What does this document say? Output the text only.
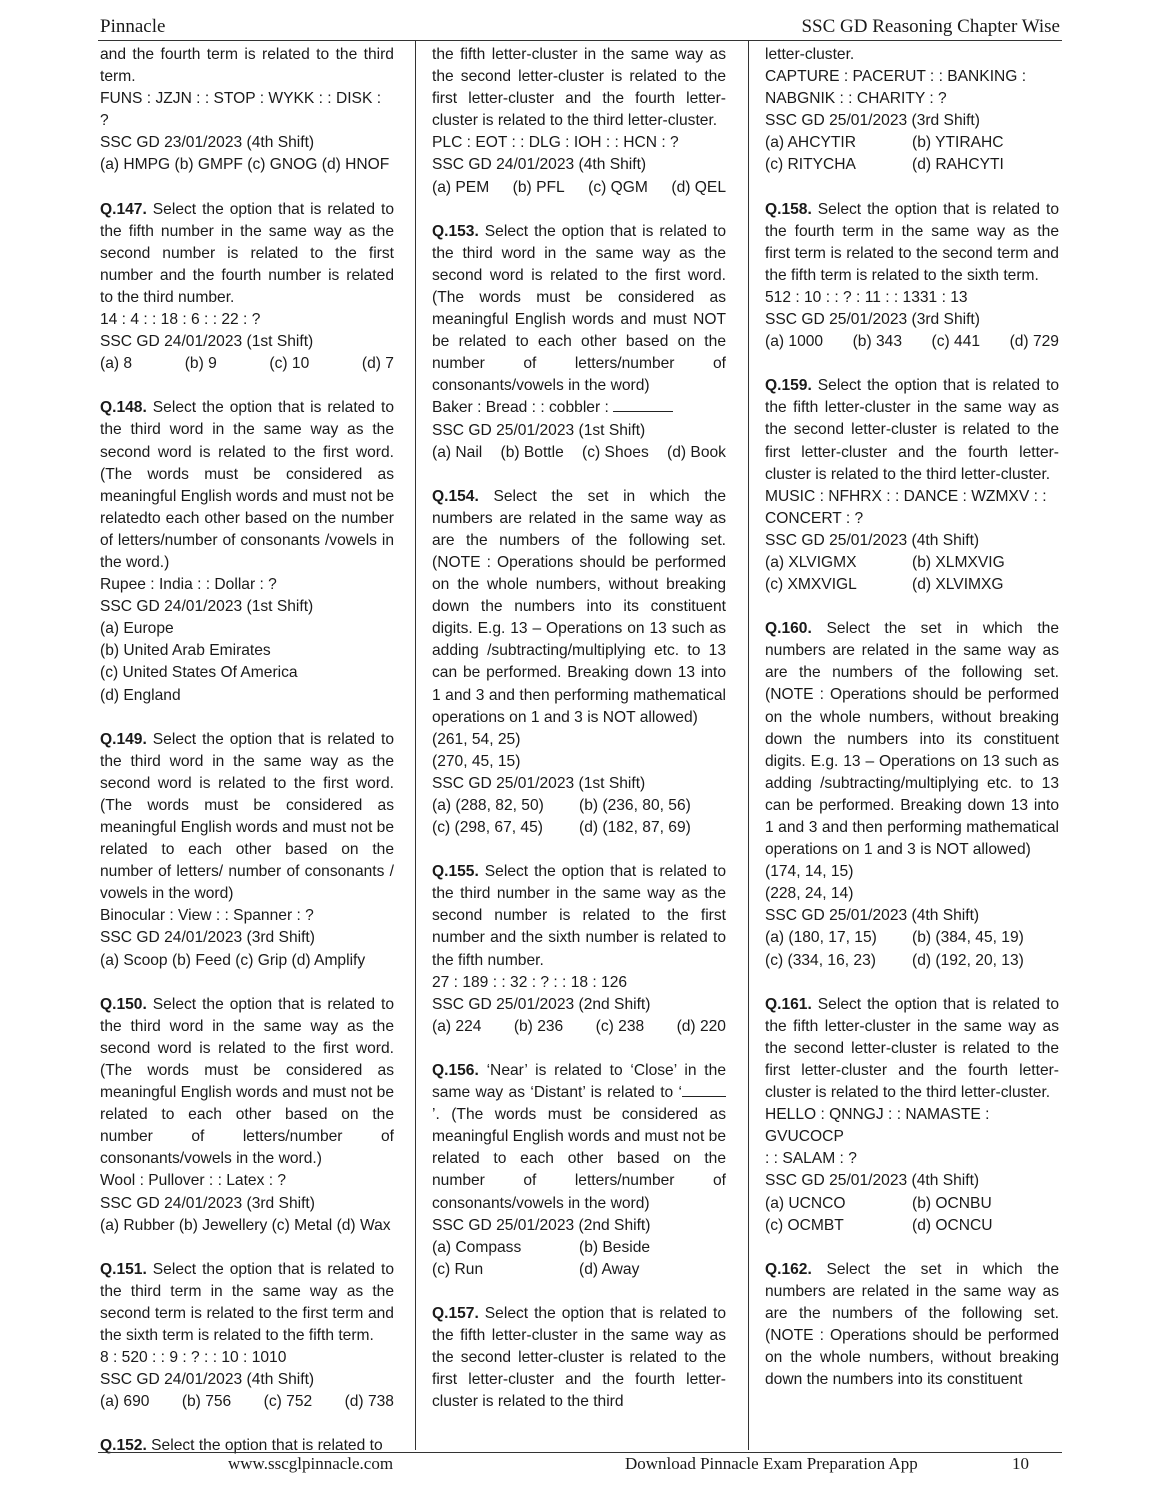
Pinnacle	SSC GD Reasoning Chapter Wise

and the fourth term is related to the third term.

FUNS : JZJN : : STOP : WYKK : : DISK : ?

SSC GD 23/01/2023 (4th Shift)

(a) HMPG (b) GMPF (c) GNOG (d) HNOF

Q.147. Select the option that is related to the fifth number in the same way as the second number is related to the first number and the fourth number is related to the third number.

14 : 4 : : 18 : 6 : : 22 : ?

SSC GD 24/01/2023 (1st Shift)

(a) 8	(b) 9	(c) 10	(d) 7

Q.148. Select the option that is related to the third word in the same way as the second word is related to the first word. (The words must be considered as meaningful English words and must not be relatedto each other based on the number of letters/number of consonants /vowels in the word.)

Rupee : India : : Dollar : ?

SSC GD 24/01/2023 (1st Shift)

(a) Europe

(b) United Arab Emirates

(c) United States Of America

(d) England

Q.149. Select the option that is related to the third word in the same way as the second word is related to the first word. (The words must be considered as meaningful English words and must not be related to each other based on the number of letters/ number of consonants / vowels in the word)

Binocular : View : : Spanner : ?

SSC GD 24/01/2023 (3rd Shift)

(a) Scoop (b) Feed (c) Grip (d) Amplify

Q.150. Select the option that is related to the third word in the same way as the second word is related to the first word. (The words must be considered as meaningful English words and must not be related to each other based on the number of letters/number of consonants/vowels in the word.)

Wool : Pullover : : Latex : ?

SSC GD 24/01/2023 (3rd Shift)

(a) Rubber (b) Jewellery (c) Metal (d) Wax

Q.151. Select the option that is related to the third term in the same way as the second term is related to the first term and the sixth term is related to the fifth term.

8 : 520 : : 9 : ? : : 10 : 1010

SSC GD 24/01/2023 (4th Shift)

(a) 690 (b) 756 (c) 752 (d) 738

Q.152. Select the option that is related to

the fifth letter-cluster in the same way as the second letter-cluster is related to the first letter-cluster and the fourth letter-cluster is related to the third letter-cluster.

PLC : EOT : : DLG : IOH : : HCN : ?

SSC GD 24/01/2023 (4th Shift)

(a) PEM (b) PFL (c) QGM (d) QEL

Q.153. Select the option that is related to the third word in the same way as the second word is related to the first word. (The words must be considered as meaningful English words and must NOT be related to each other based on the number of letters/number of consonants/vowels in the word)

Baker : Bread : : cobbler :

SSC GD 25/01/2023 (1st Shift)

(a) Nail (b) Bottle (c) Shoes (d) Book

Q.154. Select the set in which the numbers are related in the same way as are the numbers of the following set. (NOTE : Operations should be performed on the whole numbers, without breaking down the numbers into its constituent digits. E.g. 13 – Operations on 13 such as adding /subtracting/multiplying etc. to 13 can be performed. Breaking down 13 into 1 and 3 and then performing mathematical operations on 1 and 3 is NOT allowed)

(261, 54, 25)

(270, 45, 15)

SSC GD 25/01/2023 (1st Shift)

(a) (288, 82, 50)	(b) (236, 80, 56)
(c) (298, 67, 45)	(d) (182, 87, 69)

Q.155. Select the option that is related to the third number in the same way as the second number is related to the first number and the sixth number is related to the fifth number.

27 : 189 : : 32 : ? : : 18 : 126

SSC GD 25/01/2023 (2nd Shift)

(a) 224 (b) 236 (c) 238 (d) 220

Q.156. ‘Near’ is related to ‘Close’ in the same way as ‘Distant’ is related to ‘’. (The words must be considered as meaningful English words and must not be related to each other based on the number of letters/number of consonants/vowels in the word)

SSC GD 25/01/2023 (2nd Shift)

(a) Compass	(b) Beside
(c) Run	(d) Away

Q.157. Select the option that is related to the fifth letter-cluster in the same way as the second letter-cluster is related to the first letter-cluster and the fourth letter-cluster is related to the third

letter-cluster.

CAPTURE : PACERUT : : BANKING :

NABGNIK : : CHARITY : ?

SSC GD 25/01/2023 (3rd Shift)

(a) AHCYTIR	(b) YTIRAHC
(c) RITYCHA	(d) RAHCYTI

Q.158. Select the option that is related to the fourth term in the same way as the first term is related to the second term and the fifth term is related to the sixth term.

512 : 10 : : ? : 11 : : 1331 : 13

SSC GD 25/01/2023 (3rd Shift)

(a) 1000 (b) 343 (c) 441 (d) 729

Q.159. Select the option that is related to the fifth letter-cluster in the same way as the second letter-cluster is related to the first letter-cluster and the fourth letter-cluster is related to the third letter-cluster.

MUSIC : NFHRX : : DANCE : WZMXV : :

CONCERT : ?

SSC GD 25/01/2023 (4th Shift)

(a) XLVIGMX	(b) XLMXVIG
(c) XMXVIGL	(d) XLVIMXG

Q.160. Select the set in which the numbers are related in the same way as are the numbers of the following set. (NOTE : Operations should be performed on the whole numbers, without breaking down the numbers into its constituent digits. E.g. 13 – Operations on 13 such as adding /subtracting/multiplying etc. to 13 can be performed. Breaking down 13 into 1 and 3 and then performing mathematical operations on 1 and 3 is NOT allowed)

(174, 14, 15)

(228, 24, 14)

SSC GD 25/01/2023 (4th Shift)

(a) (180, 17, 15)	(b) (384, 45, 19)
(c) (334, 16, 23)	(d) (192, 20, 13)

Q.161. Select the option that is related to the fifth letter-cluster in the same way as the second letter-cluster is related to the first letter-cluster and the fourth letter-cluster is related to the third letter-cluster.

HELLO : QNNGJ : : NAMASTE : GVUCOCP

: : SALAM : ?

SSC GD 25/01/2023 (4th Shift)

(a) UCNCO	(b) OCNBU
(c) OCMBT	(d) OCNCU

Q.162. Select the set in which the numbers are related in the same way as are the numbers of the following set. (NOTE : Operations should be performed on the whole numbers, without breaking down the numbers into its constituent

www.sscglpinnacle.com	Download Pinnacle Exam Preparation App	10
